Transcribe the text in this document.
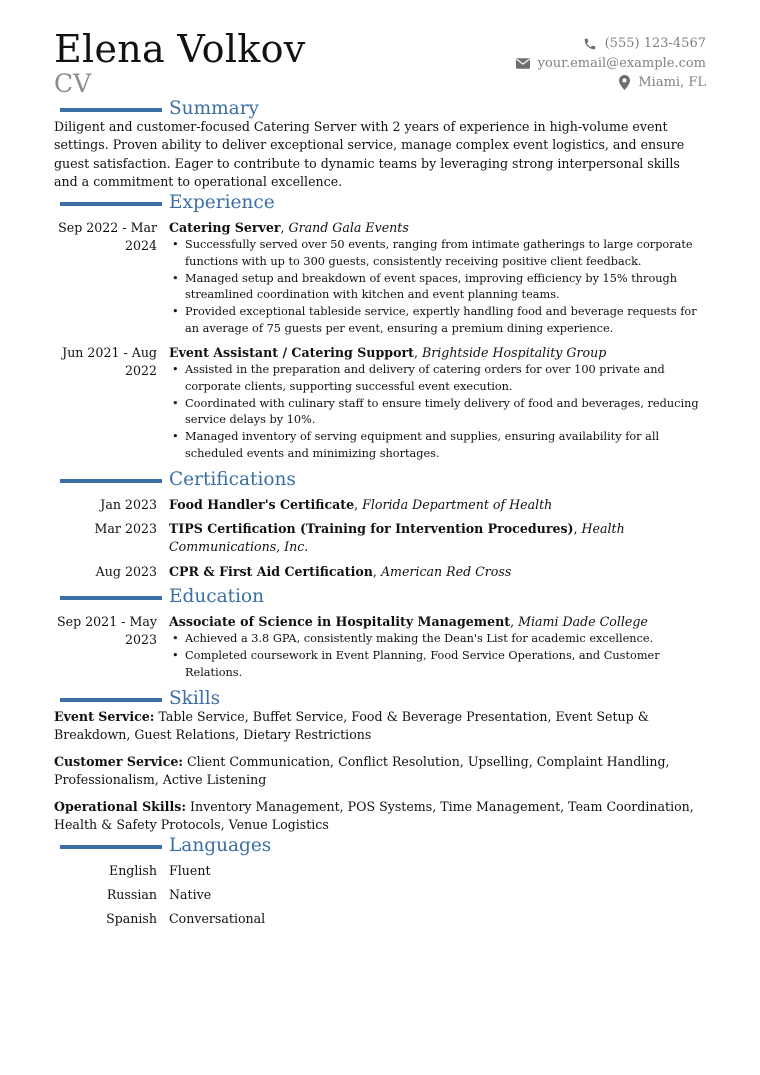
Elena Volkov
CV
(555) 123-4567
your.email@example.com
Miami, FL
Summary
Diligent and customer-focused Catering Server with 2 years of experience in high-volume event settings. Proven ability to deliver exceptional service, manage complex event logistics, and ensure guest satisfaction. Eager to contribute to dynamic teams by leveraging strong interpersonal skills and a commitment to operational excellence.
Experience
Sep 2022 - Mar 2024
Catering Server, Grand Gala Events
• Successfully served over 50 events, ranging from intimate gatherings to large corporate functions with up to 300 guests, consistently receiving positive client feedback.
• Managed setup and breakdown of event spaces, improving efficiency by 15% through streamlined coordination with kitchen and event planning teams.
• Provided exceptional tableside service, expertly handling food and beverage requests for an average of 75 guests per event, ensuring a premium dining experience.
Jun 2021 - Aug 2022
Event Assistant / Catering Support, Brightside Hospitality Group
• Assisted in the preparation and delivery of catering orders for over 100 private and corporate clients, supporting successful event execution.
• Coordinated with culinary staff to ensure timely delivery of food and beverages, reducing service delays by 10%.
• Managed inventory of serving equipment and supplies, ensuring availability for all scheduled events and minimizing shortages.
Certifications
Jan 2023 Food Handler's Certificate, Florida Department of Health
Mar 2023 TIPS Certification (Training for Intervention Procedures), Health Communications, Inc.
Aug 2023 CPR & First Aid Certification, American Red Cross
Education
Sep 2021 - May 2023
Associate of Science in Hospitality Management, Miami Dade College
• Achieved a 3.8 GPA, consistently making the Dean's List for academic excellence.
• Completed coursework in Event Planning, Food Service Operations, and Customer Relations.
Skills
Event Service: Table Service, Buffet Service, Food & Beverage Presentation, Event Setup & Breakdown, Guest Relations, Dietary Restrictions
Customer Service: Client Communication, Conflict Resolution, Upselling, Complaint Handling, Professionalism, Active Listening
Operational Skills: Inventory Management, POS Systems, Time Management, Team Coordination, Health & Safety Protocols, Venue Logistics
Languages
English Fluent
Russian Native
Spanish Conversational
